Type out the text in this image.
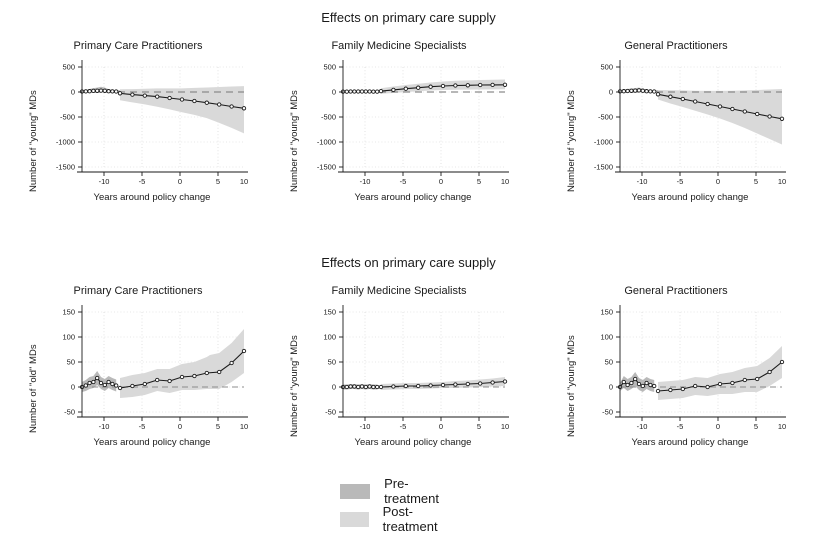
Effects on primary care supply
Primary Care Practitioners
Number of "young" MDs
500
0
-500
-1000
-1500
-10	-5	0	5	10
Years around policy change
Family Medicine Specialists
Number of "young" MDs
500
0
-500
-1000
-1500
-10	-5	0	5	10
Years around policy change
General Practitioners
Number of "young" MDs
500
0
-500
-1000
-1500
-10	-5	0	5	10
Years around policy change
Effects on primary care supply
Primary Care Practitioners
Number of "old" MDs
150
100
50
0
-50
-10	-5	0	5	10
Years around policy change
Family Medicine Specialists
Number of "young" MDs
150
100
50
0
-50
-10	-5	0	5	10
Years around policy change
General Practitioners
Number of "young" MDs
150
100
50
0
-50
-10	-5	0	5	10
Years around policy change
Pre-treatment
Post-treatment
